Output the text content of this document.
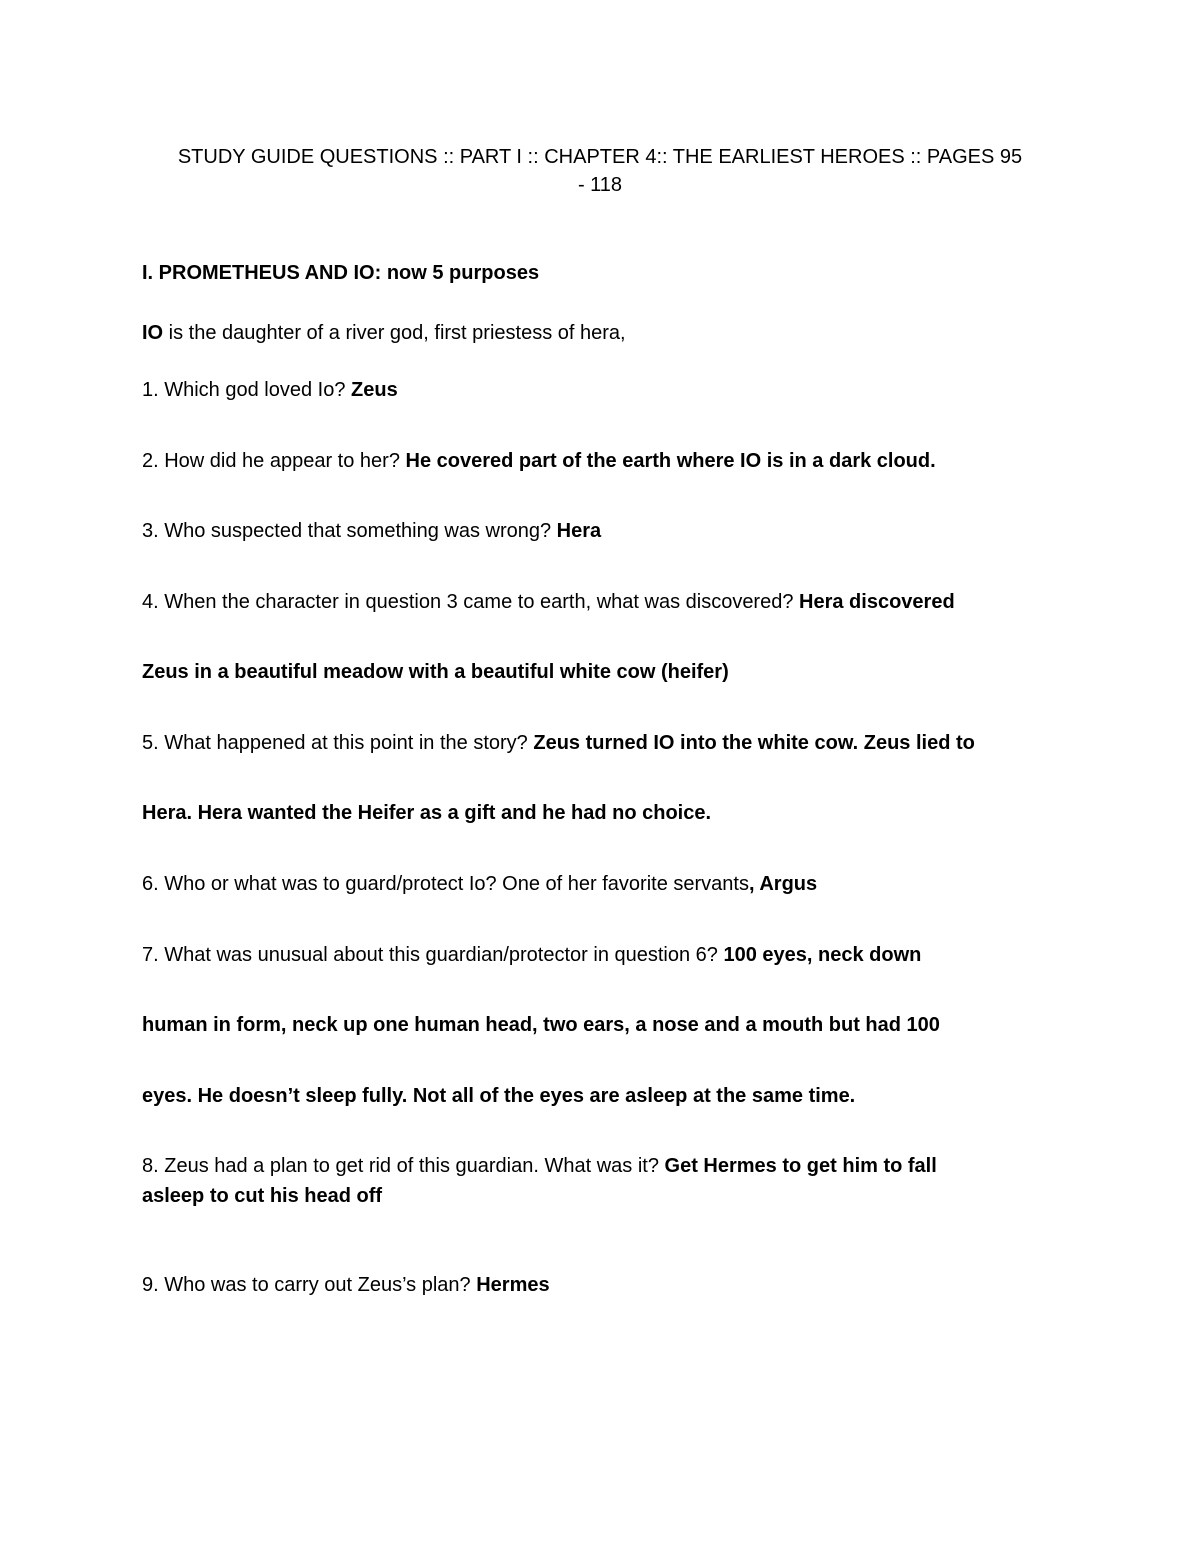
STUDY GUIDE QUESTIONS :: PART I :: CHAPTER 4:: THE EARLIEST HEROES :: PAGES 95
- 118
I. PROMETHEUS AND IO: now 5 purposes
IO is the daughter of a river god, first priestess of hera,
1. Which god loved Io? Zeus
2. How did he appear to her? He covered part of the earth where IO is in a dark cloud.
3. Who suspected that something was wrong? Hera
4. When the character in question 3 came to earth, what was discovered? Hera discovered
Zeus in a beautiful meadow with a beautiful white cow (heifer)
5. What happened at this point in the story? Zeus turned IO into the white cow. Zeus lied to
Hera. Hera wanted the Heifer as a gift and he had no choice.
6. Who or what was to guard/protect Io? One of her favorite servants, Argus
7. What was unusual about this guardian/protector in question 6? 100 eyes, neck down
human in form, neck up one human head, two ears, a nose and a mouth but had 100
eyes. He doesn’t sleep fully. Not all of the eyes are asleep at the same time.
8. Zeus had a plan to get rid of this guardian. What was it? Get Hermes to get him to fall
asleep to cut his head off
9. Who was to carry out Zeus’s plan? Hermes
